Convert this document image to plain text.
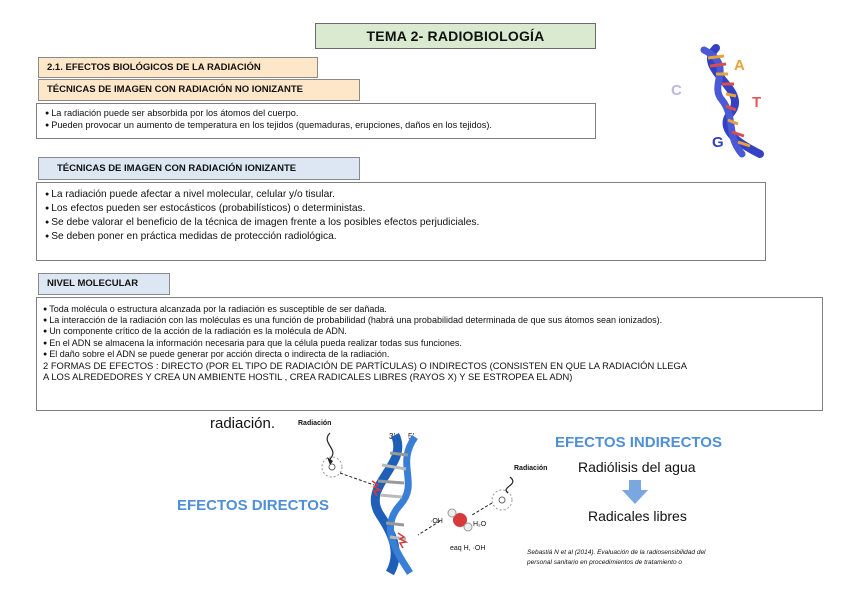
TEMA 2- RADIOBIOLOGÍA
C
A
T
G
2.1. EFECTOS BIOLÓGICOS DE LA RADIACIÓN
TÉCNICAS DE IMAGEN CON RADIACIÓN NO IONIZANTE
● La radiación puede ser absorbida por los átomos del cuerpo.
● Pueden provocar un aumento de temperatura en los tejidos (quemaduras, erupciones, daños en los tejidos).
TÉCNICAS DE IMAGEN CON RADIACIÓN IONIZANTE
● La radiación puede afectar a nivel molecular, celular y/o tisular.
● Los efectos pueden ser estocásticos (probabilísticos) o deterministas.
● Se debe valorar el beneficio de la técnica de imagen frente a los posibles efectos perjudiciales.
● Se deben poner en práctica medidas de protección radiológica.
NIVEL MOLECULAR
● Toda molécula o estructura alcanzada por la radiación es susceptible de ser dañada.
● La interacción de la radiación con las moléculas es una función de probabilidad (habrá una probabilidad determinada de que sus átomos sean ionizados).
● Un componente crítico de la acción de la radiación es la molécula de ADN.
● En el ADN se almacena la información necesaria para que la célula pueda realizar todas sus funciones.
● El daño sobre el ADN se puede generar por acción directa o indirecta de la radiación.
2 FORMAS DE EFECTOS : DIRECTO (POR EL TIPO DE RADIACIÓN DE PARTÍCULAS) O INDIRECTOS (CONSISTEN EN QUE LA RADIACIÓN LLEGA
A LOS ALREDEDORES Y CREA UN AMBIENTE HOSTIL , CREA RADICALES LIBRES (RAYOS X) Y SE ESTROPEA EL ADN)
radiación.	Radiación
3' 5'
Radiación
·OH	H₂O
eaq H, ·OH
EFECTOS DIRECTOS
EFECTOS INDIRECTOS
Radiólisis del agua
Radicales libres
Sebastiá N et al (2014). Evaluación de la radiosensibilidad del
personal sanitario en procedimientos de tratamiento o
